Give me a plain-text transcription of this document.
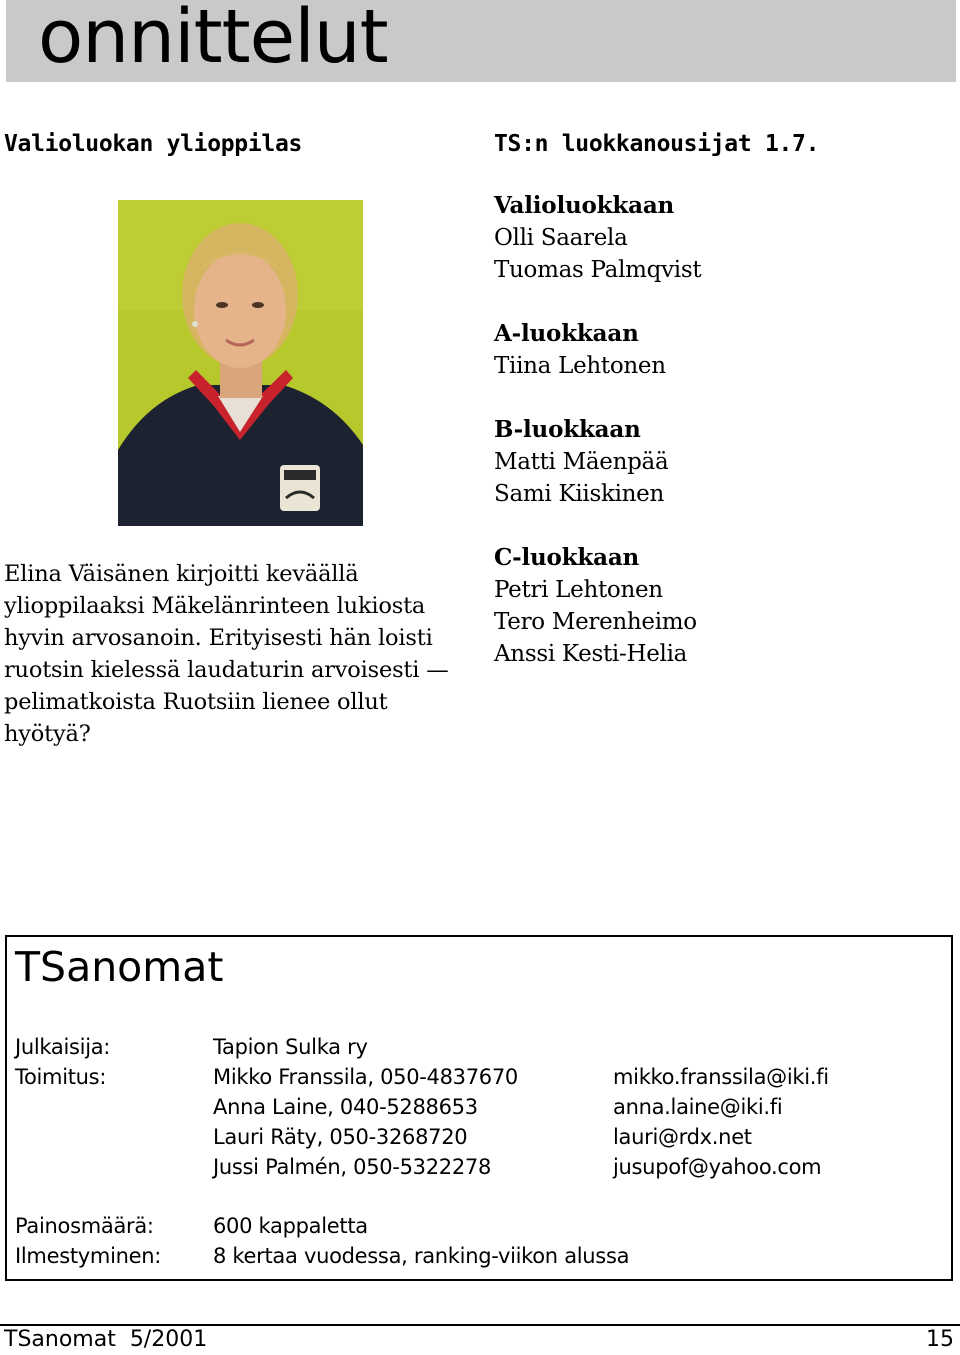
onnittelut
Valioluokan ylioppilas	TS:n luokkanousijat 1.7.
Elina Väisänen kirjoitti keväällä
ylioppilaaksi Mäkelänrinteen lukiosta
hyvin arvosanoin. Erityisesti hän loisti
ruotsin kielessä laudaturin arvoisesti —
pelimatkoista Ruotsiin lienee ollut
hyötyä?
Valioluokkaan
Olli Saarela
Tuomas Palmqvist
A-luokkaan
Tiina Lehtonen
B-luokkaan
Matti Mäenpää
Sami Kiiskinen
C-luokkaan
Petri Lehtonen
Tero Merenheimo
Anssi Kesti-Helia
TSanomat
Julkaisija:	Tapion Sulka ry
Toimitus:	Mikko Franssila, 050-4837670	mikko.franssila@iki.fi
Anna Laine, 040-5288653	anna.laine@iki.fi
Lauri Räty, 050-3268720	lauri@rdx.net
Jussi Palmén, 050-5322278	jusupof@yahoo.com
Painosmäärä:	600 kappaletta
Ilmestyminen: 8 kertaa vuodessa, ranking-viikon alussa
TSanomat  5/2001	15
